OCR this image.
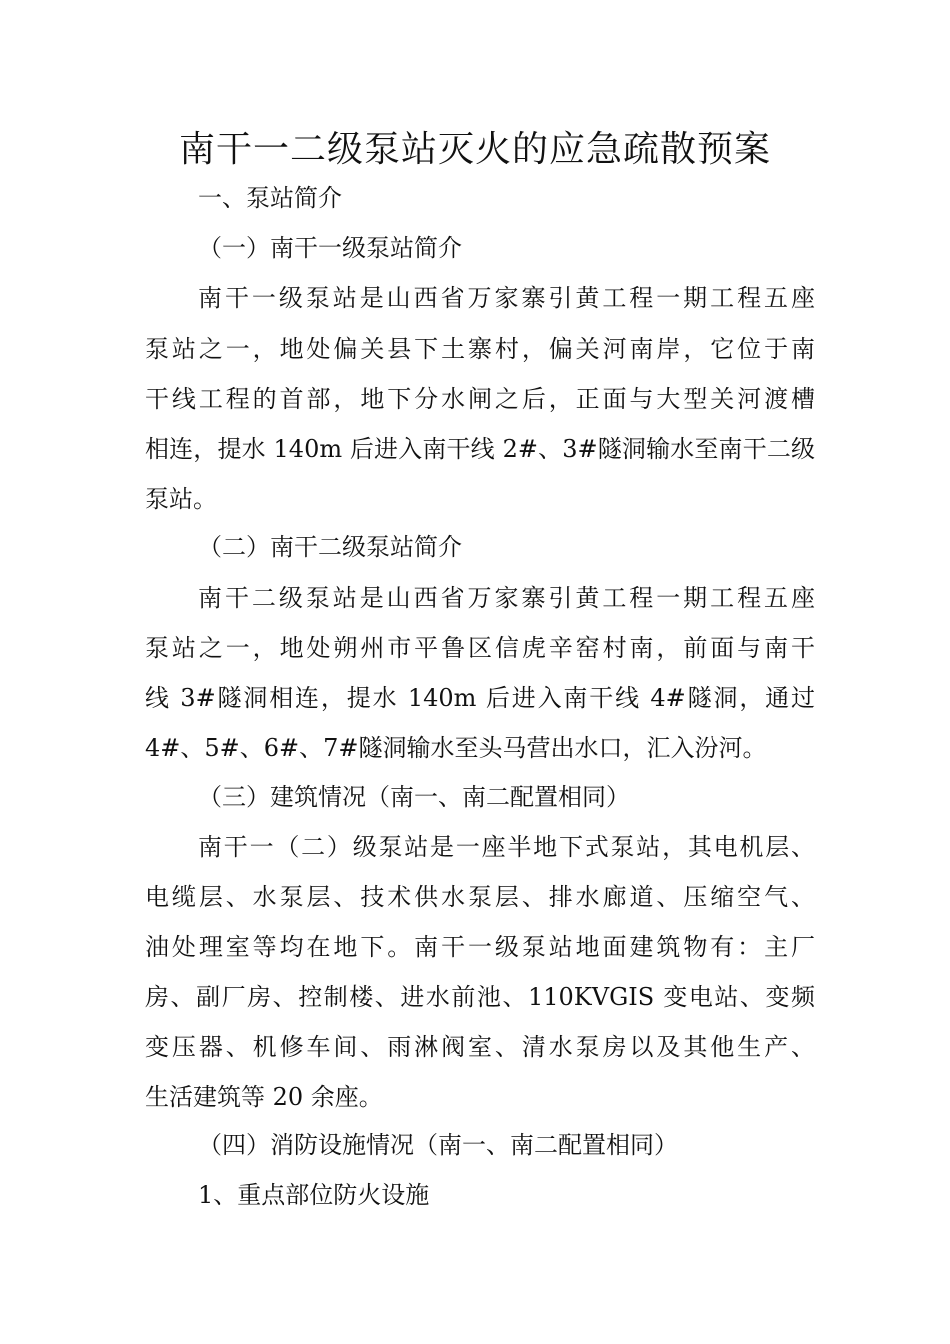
南干一二级泵站灭火的应急疏散预案
一、泵站简介
（一）南干一级泵站简介
南干一级泵站是山西省万家寨引黄工程一期工程五座
泵站之一，地处偏关县下土寨村，偏关河南岸，它位于南
干线工程的首部，地下分水闸之后，正面与大型关河渡槽
相连，提水 140m 后进入南干线 2#、3#隧洞输水至南干二级
泵站。
（二）南干二级泵站简介
南干二级泵站是山西省万家寨引黄工程一期工程五座
泵站之一，地处朔州市平鲁区信虎辛窑村南，前面与南干
线 3#隧洞相连，提水 140m 后进入南干线 4#隧洞，通过
4#、5#、6#、7#隧洞输水至头马营出水口，汇入汾河。
（三）建筑情况（南一、南二配置相同）
南干一（二）级泵站是一座半地下式泵站，其电机层、
电缆层、水泵层、技术供水泵层、排水廊道、压缩空气、
油处理室等均在地下。南干一级泵站地面建筑物有：主厂
房、副厂房、控制楼、进水前池、110KVGIS 变电站、变频
变压器、机修车间、雨淋阀室、清水泵房以及其他生产、
生活建筑等 20 余座。
（四）消防设施情况（南一、南二配置相同）
1、重点部位防火设施
